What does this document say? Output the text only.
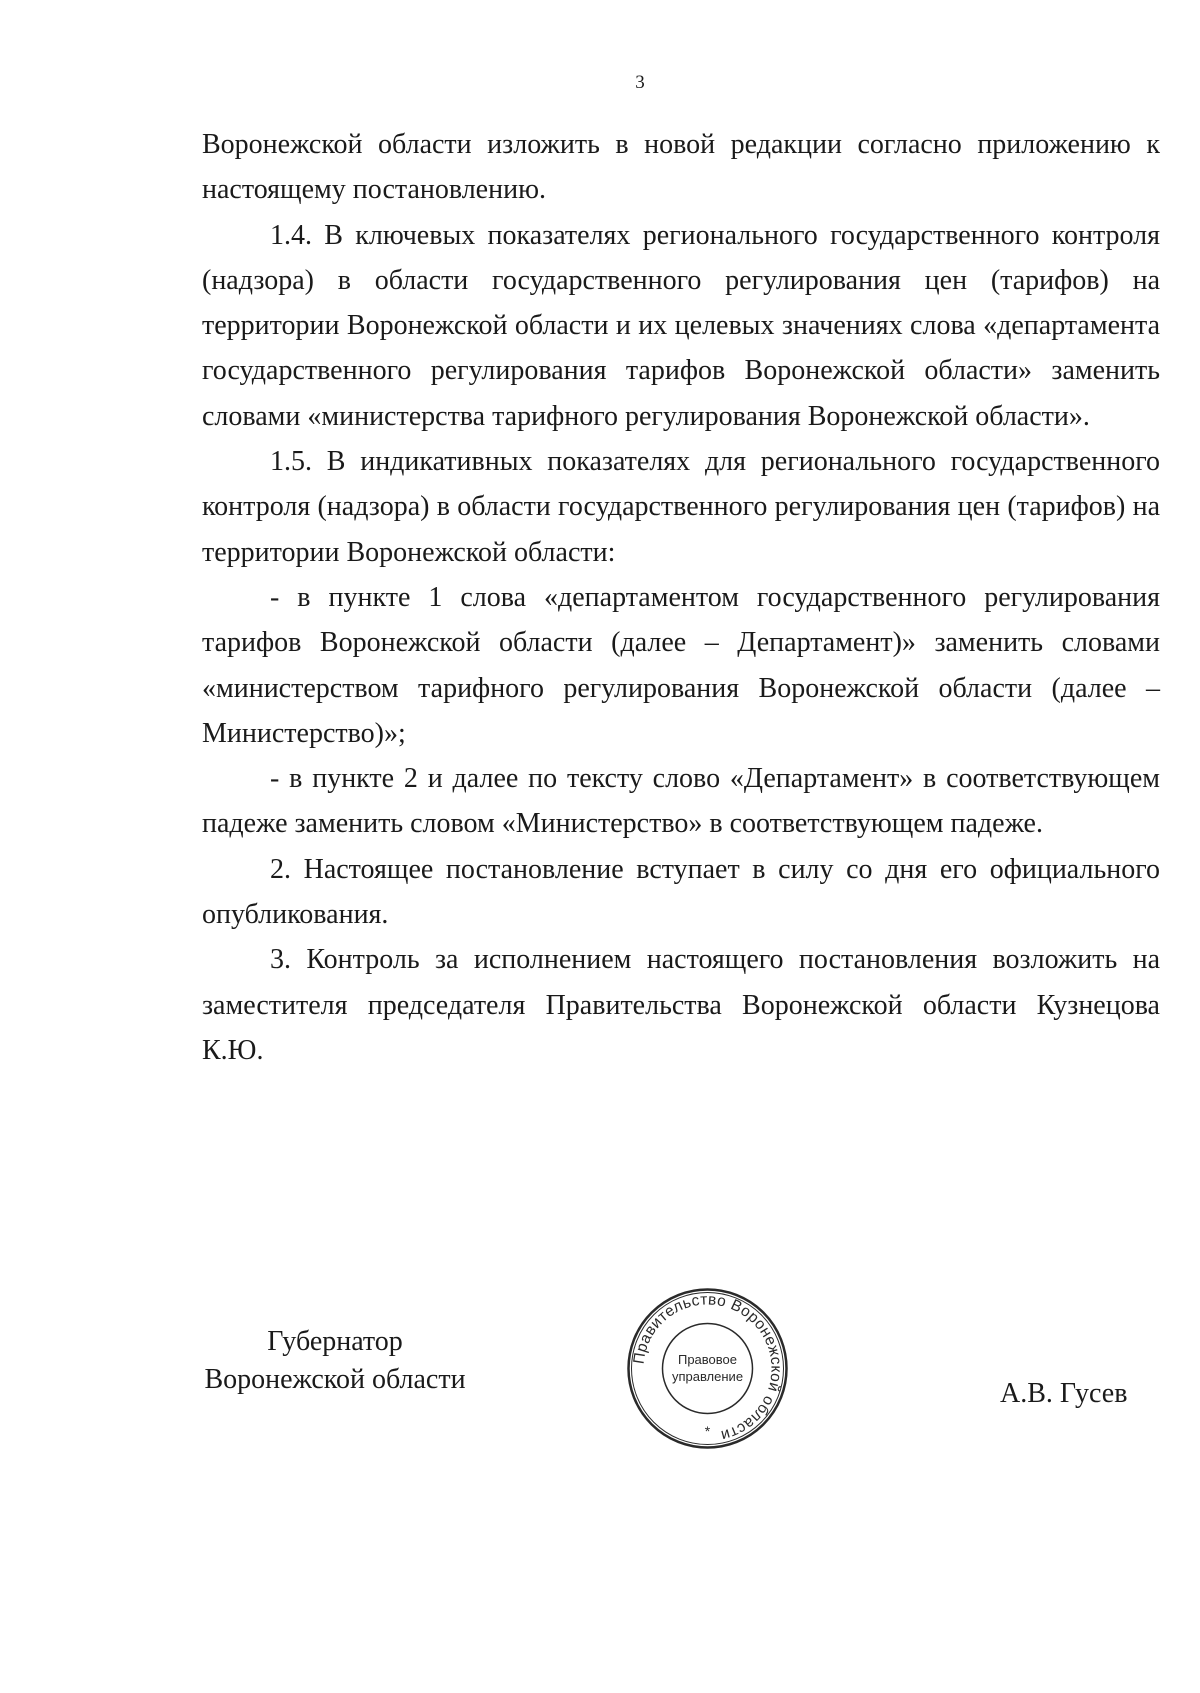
3

Воронежской области изложить в новой редакции согласно приложению к настоящему постановлению.

1.4. В ключевых показателях регионального государственного контроля (надзора) в области государственного регулирования цен (тарифов) на территории Воронежской области и их целевых значениях слова «департамента государственного регулирования тарифов Воронежской области» заменить словами «министерства тарифного регулирования Воронежской области».

1.5. В индикативных показателях для регионального государственного контроля (надзора) в области государственного регулирования цен (тарифов) на территории Воронежской области:

- в пункте 1 слова «департаментом государственного регулирования тарифов Воронежской области (далее – Департамент)» заменить словами «министерством тарифного регулирования Воронежской области (далее – Министерство)»;

- в пункте 2 и далее по тексту слово «Департамент» в соответствующем падеже заменить словом «Министерство» в соответствующем падеже.

2. Настоящее постановление вступает в силу со дня его официального опубликования.

3. Контроль за исполнением настоящего постановления возложить на заместителя председателя Правительства Воронежской области Кузнецова К.Ю.

Губернатор
Воронежской области
Правительство Воронежской области
Правовое
управление
*
А.В. Гусев
